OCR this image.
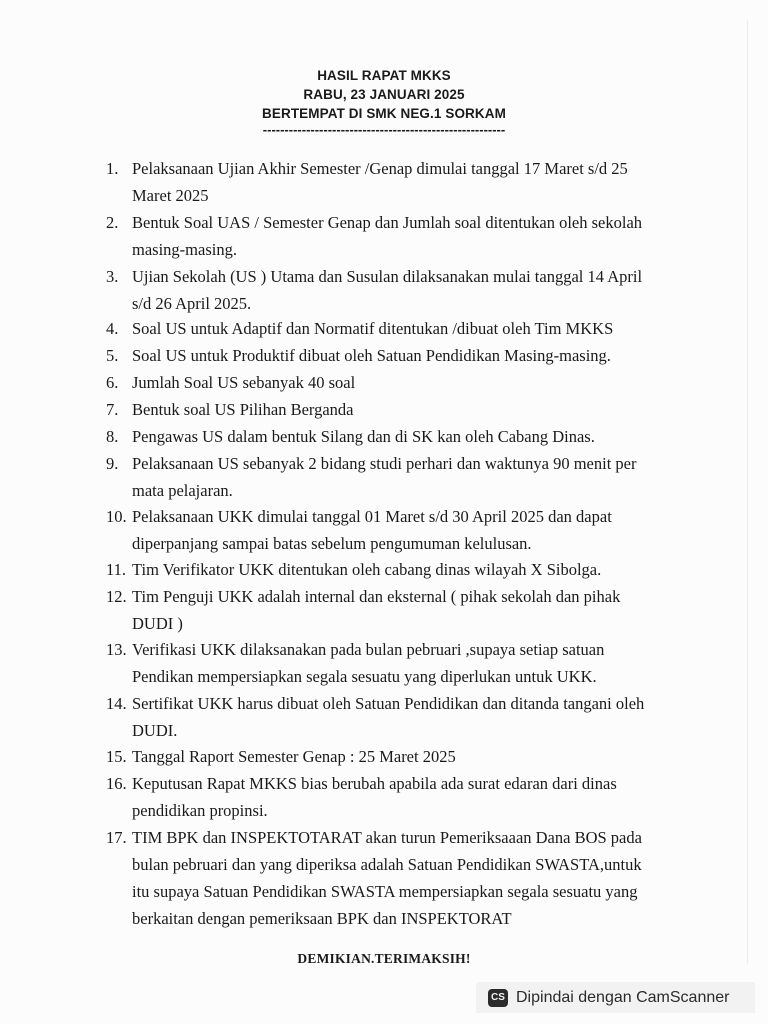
HASIL RAPAT MKKS
RABU, 23 JANUARI 2025
BERTEMPAT DI SMK NEG.1 SORKAM
--------------------------------------------------------
1. Pelaksanaan Ujian Akhir Semester /Genap dimulai tanggal 17 Maret s/d 25
Maret 2025
2. Bentuk Soal UAS / Semester Genap dan Jumlah soal ditentukan oleh sekolah
masing-masing.
3. Ujian Sekolah (US ) Utama dan Susulan dilaksanakan mulai tanggal 14 April
s/d 26 April 2025.
4. Soal US untuk Adaptif dan Normatif ditentukan /dibuat oleh Tim MKKS
5. Soal US untuk Produktif dibuat oleh Satuan Pendidikan Masing-masing.
6. Jumlah Soal US sebanyak 40 soal
7. Bentuk soal US Pilihan Berganda
8. Pengawas US dalam bentuk Silang dan di SK kan oleh Cabang Dinas.
9. Pelaksanaan US sebanyak 2 bidang studi perhari dan waktunya 90 menit per
mata pelajaran.
10. Pelaksanaan UKK dimulai tanggal 01 Maret s/d 30 April 2025 dan dapat
diperpanjang sampai batas sebelum pengumuman kelulusan.
11. Tim Verifikator UKK ditentukan oleh cabang dinas wilayah X Sibolga.
12. Tim Penguji UKK adalah internal dan eksternal ( pihak sekolah dan pihak
DUDI )
13. Verifikasi UKK dilaksanakan pada bulan pebruari ,supaya setiap satuan
Pendikan mempersiapkan segala sesuatu yang diperlukan untuk UKK.
14. Sertifikat UKK harus dibuat oleh Satuan Pendidikan dan ditanda tangani oleh
DUDI.
15. Tanggal Raport Semester Genap : 25 Maret 2025
16. Keputusan Rapat MKKS bias berubah apabila ada surat edaran dari dinas
pendidikan propinsi.
17. TIM BPK dan INSPEKTOTARAT akan turun Pemeriksaaan Dana BOS pada
bulan pebruari dan yang diperiksa adalah Satuan Pendidikan SWASTA,untuk
itu supaya Satuan Pendidikan SWASTA mempersiapkan segala sesuatu yang
berkaitan dengan pemeriksaan BPK dan INSPEKTORAT
DEMIKIAN.TERIMAKSIH!
CS Dipindai dengan CamScanner
